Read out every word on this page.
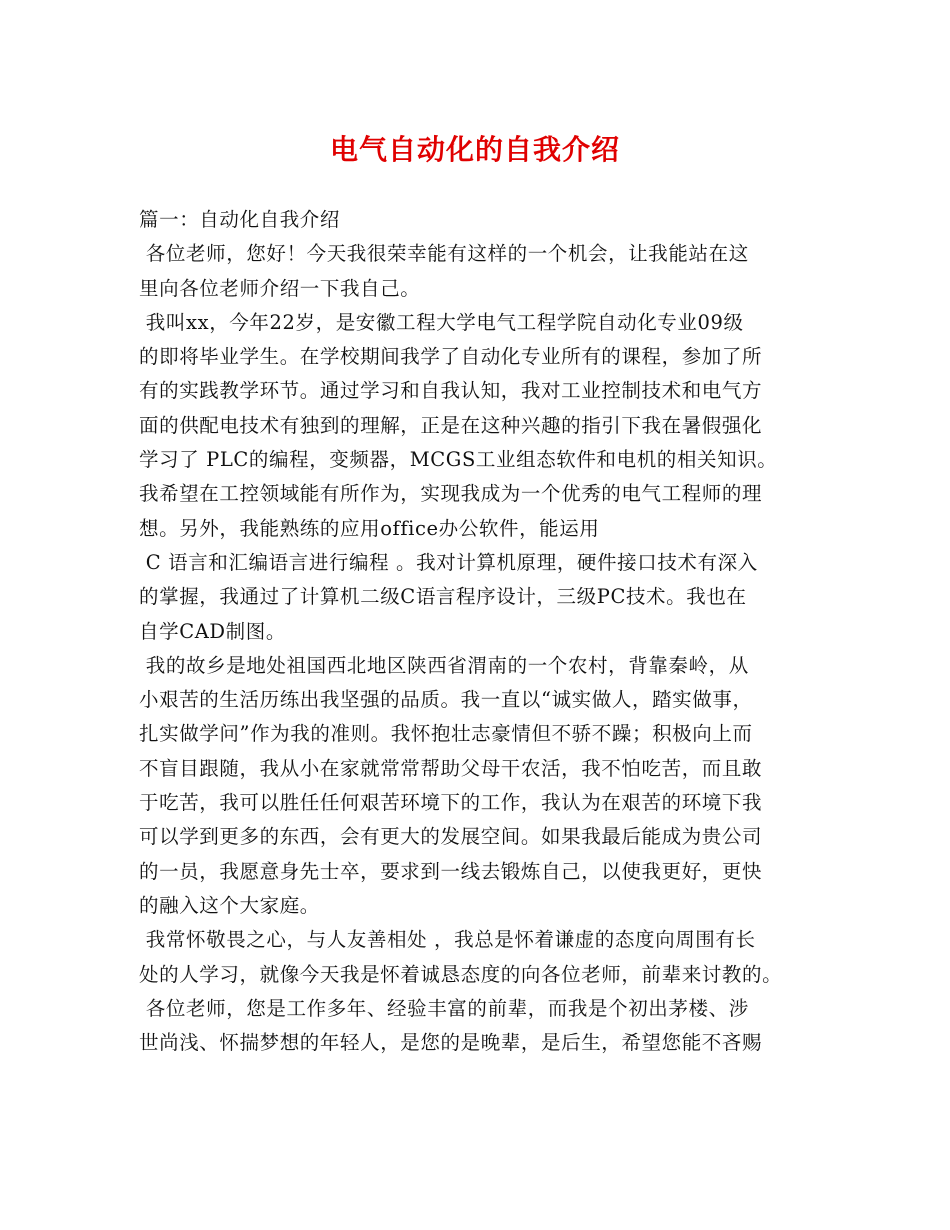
电气自动化的自我介绍
篇一：自动化自我介绍
各位老师，您好！今天我很荣幸能有这样的一个机会，让我能站在这
里向各位老师介绍一下我自己。
我叫xx，今年22岁，是安徽工程大学电气工程学院自动化专业09级
的即将毕业学生。在学校期间我学了自动化专业所有的课程，参加了所
有的实践教学环节。通过学习和自我认知，我对工业控制技术和电气方
面的供配电技术有独到的理解，正是在这种兴趣的指引下我在暑假强化
学习了 PLC的编程，变频器，MCGS工业组态软件和电机的相关知识。
我希望在工控领域能有所作为，实现我成为一个优秀的电气工程师的理
想。另外，我能熟练的应用office办公软件，能运用
C 语言和汇编语言进行编程 。我对计算机原理，硬件接口技术有深入
的掌握，我通过了计算机二级C语言程序设计，三级PC技术。我也在
自学CAD制图。
我的故乡是地处祖国西北地区陕西省渭南的一个农村，背靠秦岭，从
小艰苦的生活历练出我坚强的品质。我一直以“诚实做人，踏实做事，
扎实做学问”作为我的准则。我怀抱壮志豪情但不骄不躁；积极向上而
不盲目跟随，我从小在家就常常帮助父母干农活，我不怕吃苦，而且敢
于吃苦，我可以胜任任何艰苦环境下的工作，我认为在艰苦的环境下我
可以学到更多的东西，会有更大的发展空间。如果我最后能成为贵公司
的一员，我愿意身先士卒，要求到一线去锻炼自己，以使我更好，更快
的融入这个大家庭。
我常怀敬畏之心，与人友善相处 ，我总是怀着谦虚的态度向周围有长
处的人学习，就像今天我是怀着诚恳态度的向各位老师，前辈来讨教的。
各位老师，您是工作多年、经验丰富的前辈，而我是个初出茅楼、涉
世尚浅、怀揣梦想的年轻人，是您的是晚辈，是后生，希望您能不吝赐
